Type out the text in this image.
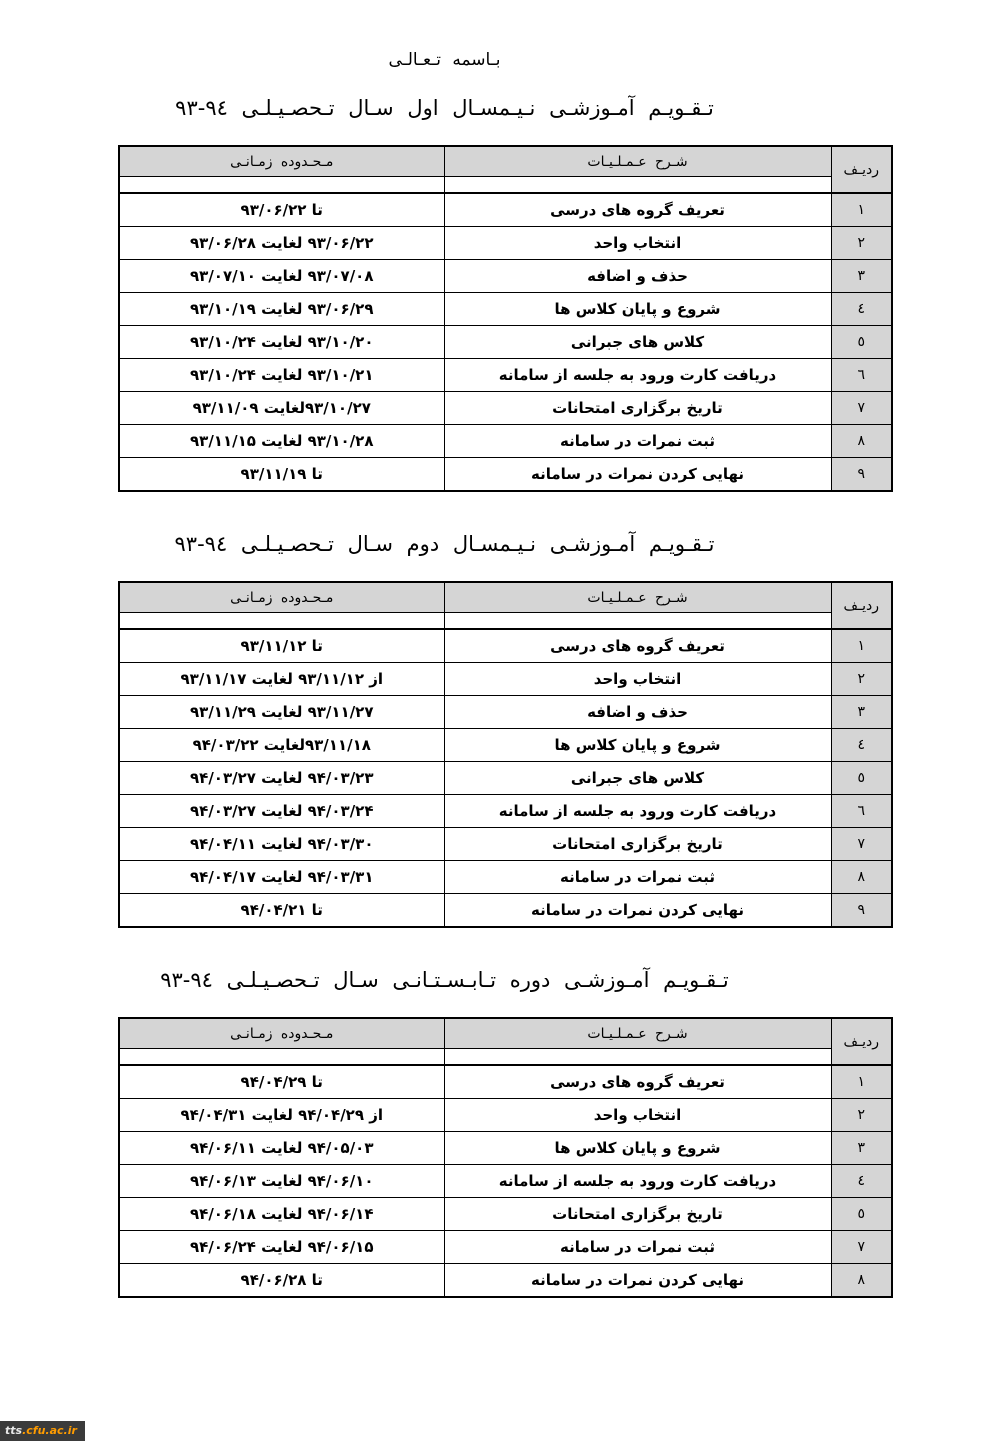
بـاسمه تـعـالـی
تـقـویـم آمـوزشـی نـیـمسـال اول سـال تـحصـیـلـی ٩٤-٩٣
ردیـف	شـرح عـمـلـیـات	مـحـدوده زمـانـی

١	تعریف گروه های درسی	تا ۹۳/۰۶/۲۲
٢	انتخاب واحد	۹۳/۰۶/۲۲ لغایت ۹۳/۰۶/۲۸
٣	حذف و اضافه	۹۳/۰۷/۰۸ لغایت ۹۳/۰۷/۱۰
٤	شروع و پایان کلاس ها	۹۳/۰۶/۲۹ لغایت ۹۳/۱۰/۱۹
٥	کلاس های جبرانی	۹۳/۱۰/۲۰ لغایت ۹۳/۱۰/۲۴
٦	دریافت کارت ورود به جلسه از سامانه	۹۳/۱۰/۲۱ لغایت ۹۳/۱۰/۲۴
٧	تاریخ برگزاری امتحانات	۹۳/۱۰/۲۷لغایت ۹۳/۱۱/۰۹
٨	ثبت نمرات در سامانه	۹۳/۱۰/۲۸ لغایت ۹۳/۱۱/۱۵
٩	نهایی کردن نمرات در سامانه	تا ۹۳/۱۱/۱۹
تـقـویـم آمـوزشـی نـیـمسـال دوم سـال تـحصـیـلـی ٩٤-٩٣
ردیـف	شـرح عـمـلـیـات	مـحـدوده زمـانـی

١	تعریف گروه های درسی	تا ۹۳/۱۱/۱۲
٢	انتخاب واحد	از ۹۳/۱۱/۱۲ لغایت ۹۳/۱۱/۱۷
٣	حذف و اضافه	۹۳/۱۱/۲۷ لغایت ۹۳/۱۱/۲۹
٤	شروع و پایان کلاس ها	۹۳/۱۱/۱۸لغایت ۹۴/۰۳/۲۲
٥	کلاس های جبرانی	۹۴/۰۳/۲۳ لغایت ۹۴/۰۳/۲۷
٦	دریافت کارت ورود به جلسه از سامانه	۹۴/۰۳/۲۴ لغایت ۹۴/۰۳/۲۷
٧	تاریخ برگزاری امتحانات	۹۴/۰۳/۳۰ لغایت ۹۴/۰۴/۱۱
٨	ثبت نمرات در سامانه	۹۴/۰۳/۳۱ لغایت ۹۴/۰۴/۱۷
٩	نهایی کردن نمرات در سامانه	تا ۹۴/۰۴/۲۱
تـقـویـم آمـوزشـی دوره تـابـسـتـانـی سـال تـحصـیـلـی ٩٤-٩٣
ردیـف	شـرح عـمـلـیـات	مـحـدوده زمـانـی

١	تعریف گروه های درسی	تا ۹۴/۰۴/۲۹
٢	انتخاب واحد	از ۹۴/۰۴/۲۹ لغایت ۹۴/۰۴/۳۱
٣	شروع و پایان کلاس ها	۹۴/۰۵/۰۳ لغایت ۹۴/۰۶/۱۱
٤	دریافت کارت ورود به جلسه از سامانه	۹۴/۰۶/۱۰ لغایت ۹۴/۰۶/۱۳
٥	تاریخ برگزاری امتحانات	۹۴/۰۶/۱۴ لغایت ۹۴/۰۶/۱۸
٧	ثبت نمرات در سامانه	۹۴/۰۶/۱۵ لغایت ۹۴/۰۶/۲۴
٨	نهایی کردن نمرات در سامانه	تا ۹۴/۰۶/۲۸
tts.cfu.ac.ir
